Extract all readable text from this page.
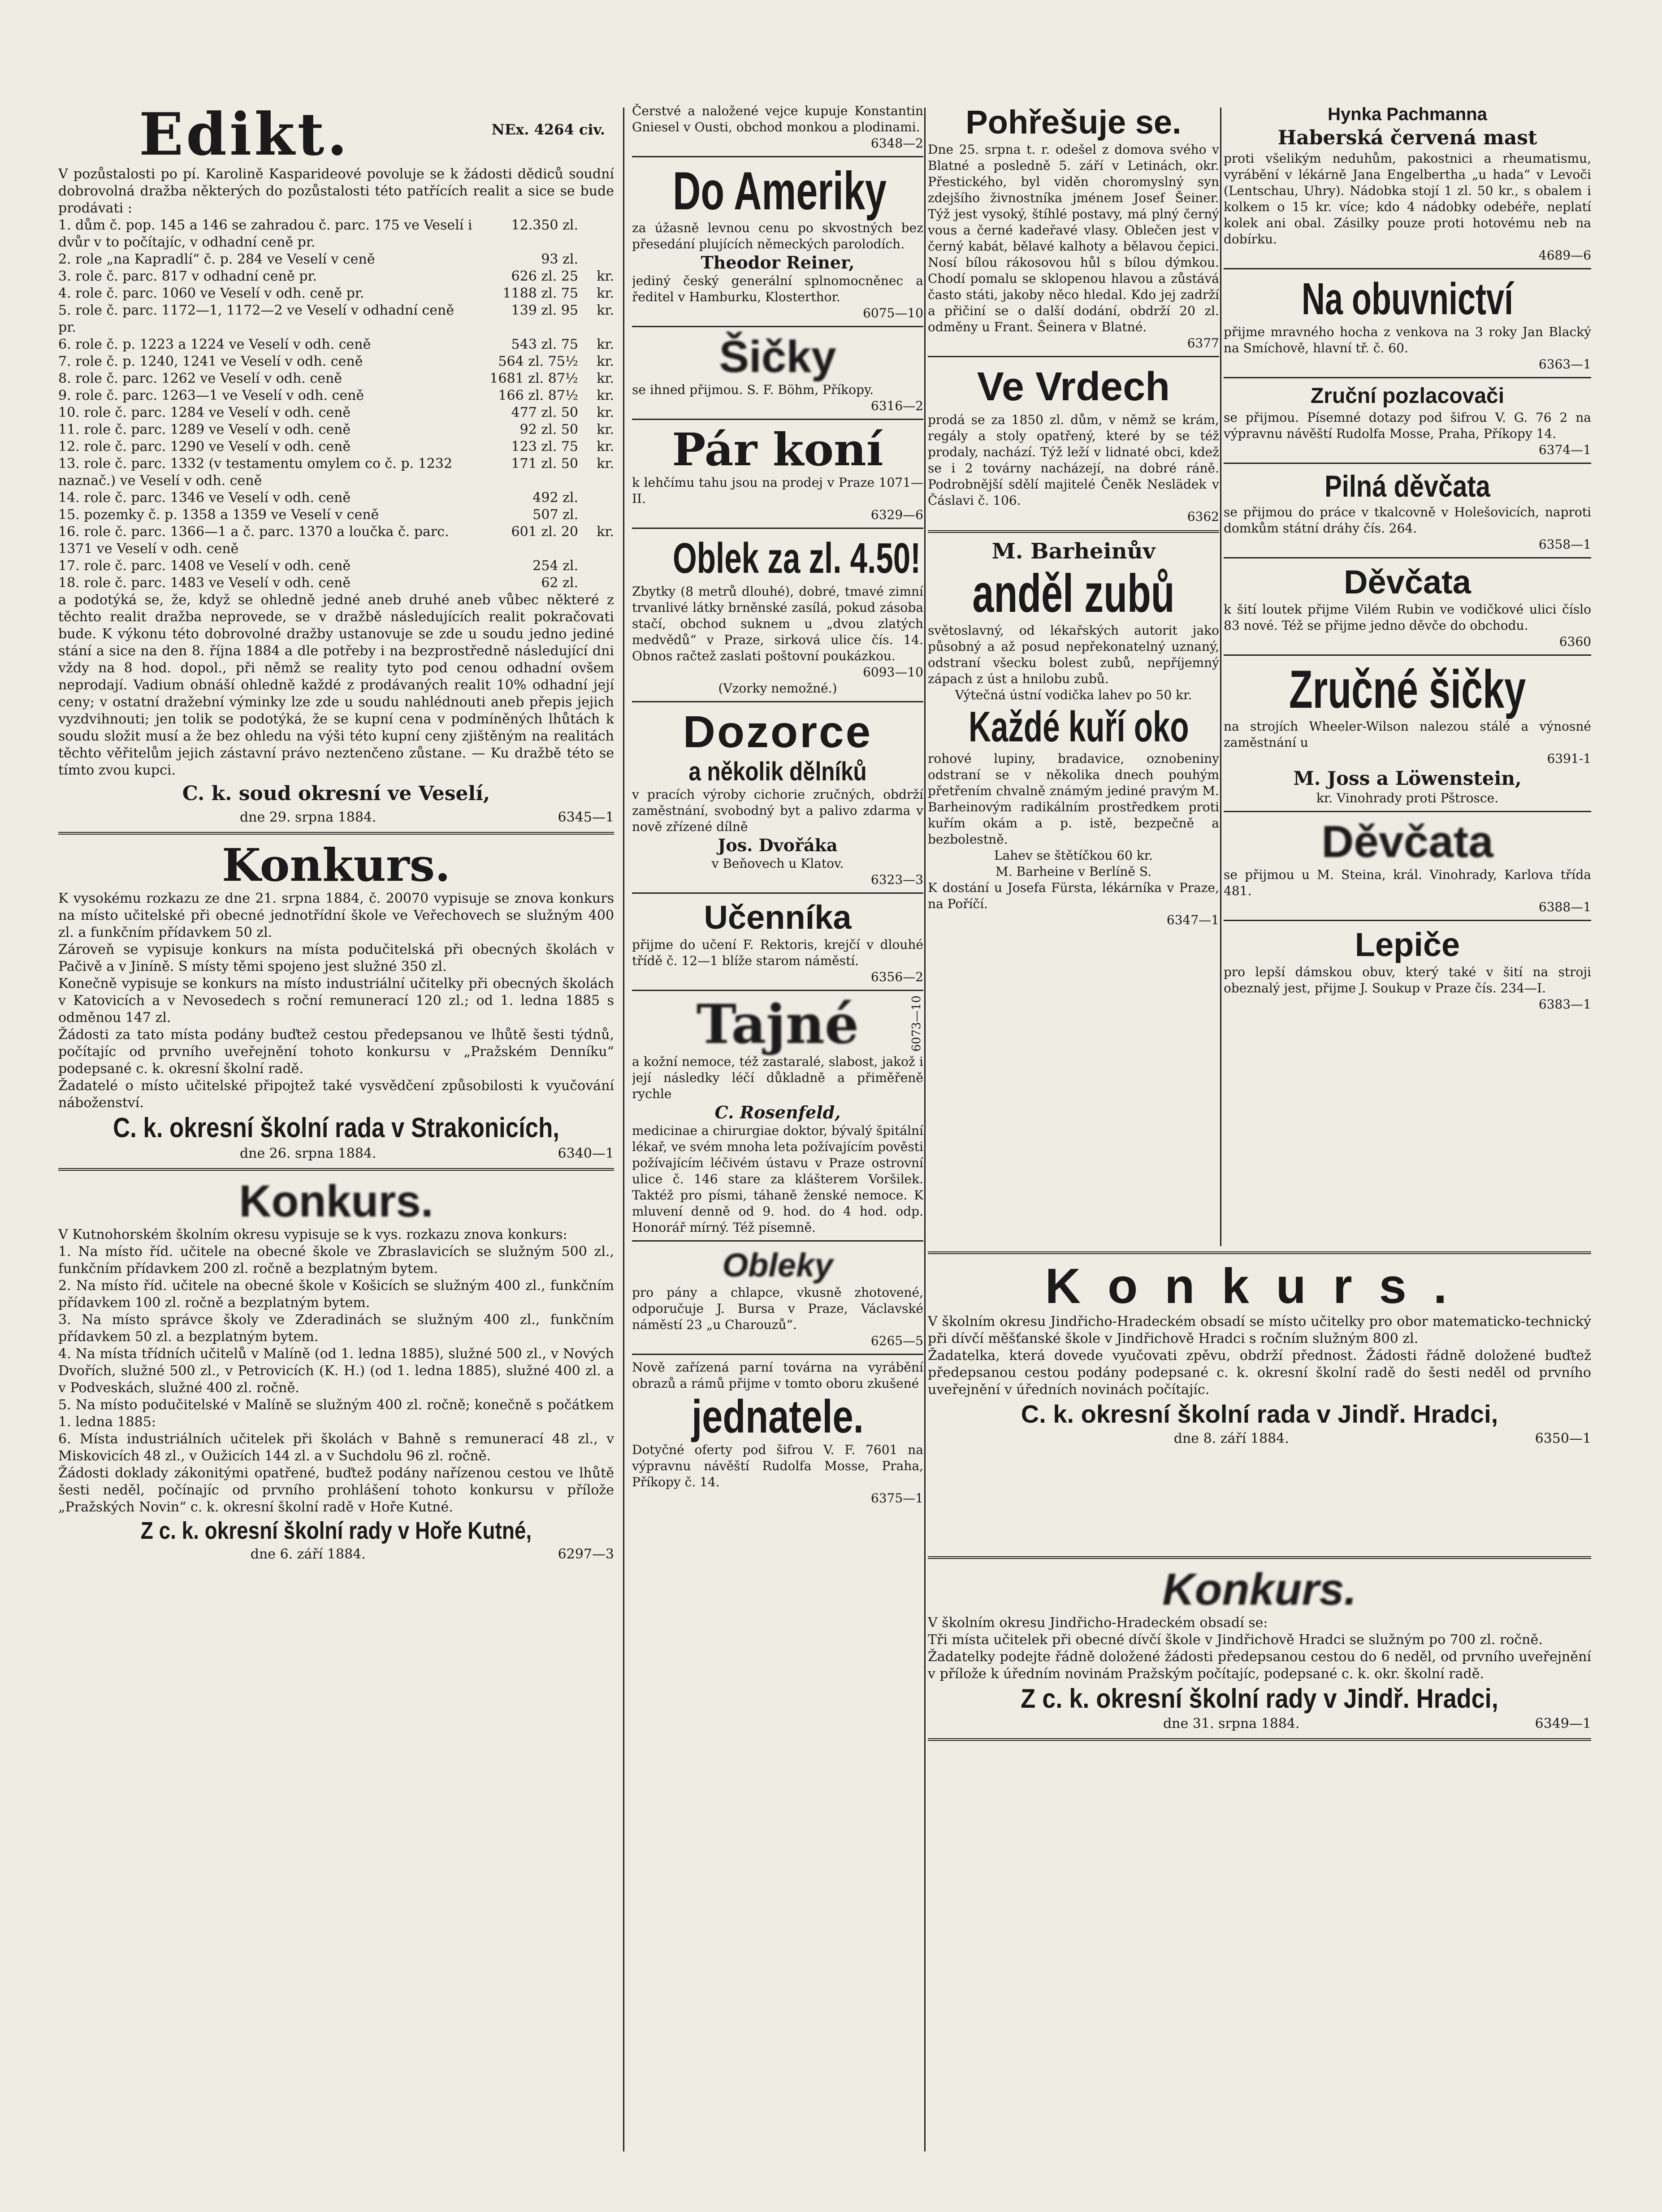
Edikt.	NEx. 4264 civ.

V pozůstalosti po pí. Karolině Kasparideové povoluje se k žádosti dědiců soudní dobrovolná dražba některých do pozůstalosti této patřících realit a sice se bude prodávati :

1. dům č. pop. 145 a 146 se zahradou č. parc. 175 ve Veselí i dvůr v to počítajíc, v odhadní ceně pr.
12.350 zl.
2. role „na Kapradlí“ č. p. 284 ve Veselí v ceně	93 zl.
3. role č. parc. 817 v odhadní ceně pr.	626 zl. 25	kr.
4. role č. parc. 1060 ve Veselí v odh. ceně pr.	1188 zl. 75	kr.
5. role č. parc. 1172—1, 1172—2 ve Veselí v odhadní ceně pr.
139 zl. 95	kr.
6. role č. p. 1223 a 1224 ve Veselí v odh. ceně	543 zl. 75	kr.
7. role č. p. 1240, 1241 ve Veselí v odh. ceně	564 zl. 75½	kr.
8. role č. parc. 1262 ve Veselí v odh. ceně	1681 zl. 87½	kr.
9. role č. parc. 1263—1 ve Veselí v odh. ceně	166 zl. 87½	kr.
10. role č. parc. 1284 ve Veselí v odh. ceně	477 zl. 50	kr.
11. role č. parc. 1289 ve Veselí v odh. ceně	92 zl. 50	kr.
12. role č. parc. 1290 ve Veselí v odh. ceně	123 zl. 75	kr.
13. role č. parc. 1332 (v testamentu omylem co č. p. 1232 naznač.) ve Veselí v odh. ceně
171 zl. 50	kr.
14. role č. parc. 1346 ve Veselí v odh. ceně	492 zl.
15. pozemky č. p. 1358 a 1359 ve Veselí v ceně	507 zl.
16. role č. parc. 1366—1 a č. parc. 1370 a loučka č. parc. 1371 ve Veselí v odh. ceně
601 zl. 20	kr.
17. role č. parc. 1408 ve Veselí v odh. ceně	254 zl.
18. role č. parc. 1483 ve Veselí v odh. ceně	62 zl.

a podotýká se, že, když se ohledně jedné aneb druhé aneb vůbec některé z těchto realit dražba neprovede, se v dražbě následujících realit pokračovati bude. K výkonu této dobrovolné dražby ustanovuje se zde u soudu jedno jediné stání a sice na den 8. října 1884 a dle potřeby i na bezprostředně následující dni vždy na 8 hod. dopol., při němž se reality tyto pod cenou odhadní ovšem neprodají. Vadium obnáší ohledně každé z prodávaných realit 10% odhadní její ceny; v ostatní dražební výminky lze zde u soudu nahlédnouti aneb přepis jejich vyzdvihnouti; jen tolik se podotýká, že se kupní cena v podmíněných lhůtách k soudu složit musí a že bez ohledu na výši této kupní ceny zjištěným na realitách těchto věřitelům jejich zástavní právo neztenčeno zůstane. — Ku dražbě této se tímto zvou kupci.

C. k. soud okresní ve Veselí,
dne 29. srpna 1884.	6345—1
Konkurs.

K vysokému rozkazu ze dne 21. srpna 1884, č. 20070 vypisuje se znova konkurs na místo učitelské při obecné jednotřídní škole ve Veřechovech se služným 400 zl. a funkčním přídavkem 50 zl.

Zároveň se vypisuje konkurs na místa podučitelská při obecných školách v Pačivě a v Jiníně. S místy těmi spojeno jest služné 350 zl.

Konečně vypisuje se konkurs na místo industriální učitelky při obecných školách v Katovicích a v Nevosedech s roční remunerací 120 zl.; od 1. ledna 1885 s odměnou 147 zl.

Žádosti za tato místa podány buďtež cestou předepsanou ve lhůtě šesti týdnů, počítajíc od prvního uveřejnění tohoto konkursu v „Pražském Denníku“ podepsané c. k. okresní školní radě.

Žadatelé o místo učitelské připojtež také vysvědčení způsobilosti k vyučování náboženství.

C. k. okresní školní rada v Strakonicích,
dne 26. srpna 1884.	6340—1
Konkurs.

V Kutnohorském školním okresu vypisuje se k vys. rozkazu znova konkurs:

1. Na místo říd. učitele na obecné škole ve Zbraslavicích se služným 500 zl., funkčním přídavkem 200 zl. ročně a bezplatným bytem.

2. Na místo říd. učitele na obecné škole v Košicích se služným 400 zl., funkčním přídavkem 100 zl. ročně a bezplatným bytem.

3. Na místo správce školy ve Zderadinách se služným 400 zl., funkčním přídavkem 50 zl. a bezplatným bytem.

4. Na místa třídních učitelů v Malíně (od 1. ledna 1885), služné 500 zl., v Nových Dvořích, služné 500 zl., v Petrovicích (K. H.) (od 1. ledna 1885), služné 400 zl. a v Podveskách, služné 400 zl. ročně.

5. Na místo podučitelské v Malíně se služným 400 zl. ročně; konečně s počátkem 1. ledna 1885:

6. Místa industriálních učitelek při školách v Bahně s remunerací 48 zl., v Miskovicích 48 zl., v Oužicích 144 zl. a v Suchdolu 96 zl. ročně.

Žádosti doklady zákonitými opatřené, buďtež podány nařízenou cestou ve lhůtě šesti neděl, počínajíc od prvního prohlášení tohoto konkursu v přílože „Pražských Novin“ c. k. okresní školní radě v Hoře Kutné.

Z c. k. okresní školní rady v Hoře Kutné,
dne 6. září 1884.	6297—3

Čerstvé a naložené vejce kupuje Konstantin Gniesel v Ousti, obchod monkou a plodinami.

6348—2
Do Ameriky

za úžasně levnou cenu po skvostných bez přesedání plujících německých parolodích.

Theodor Reiner,

jediný český generální splnomocněnec a ředitel v Hamburku, Klosterthor.

6075—10
Šičky

se ihned přijmou. S. F. Böhm, Příkopy.

6316—2
Pár koní

k lehčímu tahu jsou na prodej v Praze 1071—II.

6329—6
Oblek za zl. 4.50!

Zbytky (8 metrů dlouhé), dobré, tmavé zimní trvanlivé látky brněnské zasílá, pokud zásoba stačí, obchod suknem u „dvou zlatých medvědů“ v Praze, sirková ulice čís. 14. Obnos račtež zaslati poštovní poukázkou.

6093—10
(Vzorky nemožné.)
Dozorce
a několik dělníků

v pracích výroby cichorie zručných, obdrží zaměstnání, svobodný byt a palivo zdarma v nově zřízené dílně

Jos. Dvořáka
v Beňovech u Klatov.
6323—3
Učenníka

přijme do učení F. Rektoris, krejčí v dlouhé třídě č. 12—1 blíže starom náměstí.

6356—2
Tajné	6073—10

a kožní nemoce, též zastaralé, slabost, jakož i její následky léčí důkladně a přiměřeně rychle

C. Rosenfeld,

medicinae a chirurgiae doktor, bývalý špitální lékař, ve svém mnoha leta požívajícím pověsti požívajícím léčivém ústavu v Praze ostrovní ulice č. 146 stare za klášterem Voršilek. Taktéž pro písmi, táhaně ženské nemoce. K mluvení denně od 9. hod. do 4 hod. odp. Honorář mírný. Též písemně.

Obleky

pro pány a chlapce, vkusně zhotovené, odporučuje J. Bursa v Praze, Václavské náměstí 23 „u Charouzů“.

6265—5

Nově zařízená parní továrna na vyrábění obrazů a rámů přijme v tomto oboru zkušené

jednatele.

Dotyčné oferty pod šifrou V. F. 7601 na výpravnu návěští Rudolfa Mosse, Praha, Příkopy č. 14.

6375—1
Pohřešuje se.

Dne 25. srpna t. r. odešel z domova svého v Blatné a posledně 5. září v Letinách, okr. Přestického, byl viděn choromyslný syn zdejšího živnostníka jménem Josef Šeiner. Týž jest vysoký, štíhlé postavy, má plný černý vous a černé kadeřavé vlasy. Oblečen jest v černý kabát, bělavé kalhoty a bělavou čepici. Nosí bílou rákosovou hůl s bílou dýmkou. Chodí pomalu se sklopenou hlavou a zůstává často státi, jakoby něco hledal. Kdo jej zadrží a přičiní se o další dodání, obdrží 20 zl. odměny u Frant. Šeinera v Blatné.

6377
Ve Vrdech

prodá se za 1850 zl. dům, v němž se krám, regály a stoly opatřený, které by se též prodaly, nachází. Týž leží v lidnaté obci, kdež se i 2 továrny nacházejí, na dobré ráně. Podrobnější sdělí majitelé Čeněk Neslädek v Čáslavi č. 106.

6362
M. Barheinův
anděl zubů

světoslavný, od lékařských autorit jako působný a až posud nepřekonatelný uznaný, odstraní všecku bolest zubů, nepříjemný zápach z úst a hnilobu zubů.

Výtečná ústní vodička lahev po 50 kr.
Každé kuří oko

rohové lupiny, bradavice, oznobeniny odstraní se v několika dnech pouhým přetřením chvalně známým jediné pravým M. Barheinovým radikálním prostředkem proti kuřím okám a p. istě, bezpečně a bezbolestně.

Lahev se štětíčkou 60 kr.
M. Barheine v Berlíně S.

K dostání u Josefa Fürsta, lékárníka v Praze, na Poříčí.

6347—1
Hynka Pachmanna
Haberská červená mast

proti všelikým neduhům, pakostnici a rheumatismu, vyrábění v lékárně Jana Engelbertha „u hada“ v Levoči (Lentschau, Uhry). Nádobka stojí 1 zl. 50 kr., s obalem i kolkem o 15 kr. více; kdo 4 nádobky odebéře, neplatí kolek ani obal. Zásilky pouze proti hotovému neb na dobírku.

4689—6
Na obuvnictví

přijme mravného hocha z venkova na 3 roky Jan Blacký na Smíchově, hlavní tř. č. 60.

6363—1
Zruční pozlacovači

se přijmou. Písemné dotazy pod šifrou V. G. 76 2 na výpravnu návěští Rudolfa Mosse, Praha, Příkopy 14.

6374—1
Pilná děvčata

se přijmou do práce v tkalcovně v Holešovicích, naproti domkům státní dráhy čís. 264.

6358—1
Děvčata

k šití loutek přijme Vilém Rubin ve vodičkové ulici číslo 83 nové. Též se přijme jedno děvče do obchodu.

6360
Zručné šičky

na strojích Wheeler-Wilson nalezou stálé a výnosné zaměstnání u

6391-1
M. Joss a Löwenstein,
kr. Vinohrady proti Pštrosce.
Děvčata

se přijmou u M. Steina, král. Vinohrady, Karlova třída 481.

6388—1
Lepiče

pro lepší dámskou obuv, který také v šití na stroji obeznalý jest, přijme J. Soukup v Praze čís. 234—I.

6383—1
Konkurs.

V školním okresu Jindřicho-Hradeckém obsadí se místo učitelky pro obor matematicko-technický při dívčí měšťanské škole v Jindřichově Hradci s ročním služným 800 zl.

Žadatelka, která dovede vyučovati zpěvu, obdrží přednost. Žádosti řádně doložené buďtež předepsanou cestou podány podepsané c. k. okresní školní radě do šesti neděl od prvního uveřejnění v úředních novinách počítajíc.

C. k. okresní školní rada v Jindř. Hradci,
dne 8. září 1884.	6350—1
Konkurs.

V školním okresu Jindřicho-Hradeckém obsadí se:

Tři místa učitelek při obecné dívčí škole v Jindřichově Hradci se služným po 700 zl. ročně.

Žadatelky podejte řádně doložené žádosti předepsanou cestou do 6 neděl, od prvního uveřejnění v přílože k úředním novinám Pražským počítajíc, podepsané c. k. okr. školní radě.

Z c. k. okresní školní rady v Jindř. Hradci,
dne 31. srpna 1884.	6349—1
